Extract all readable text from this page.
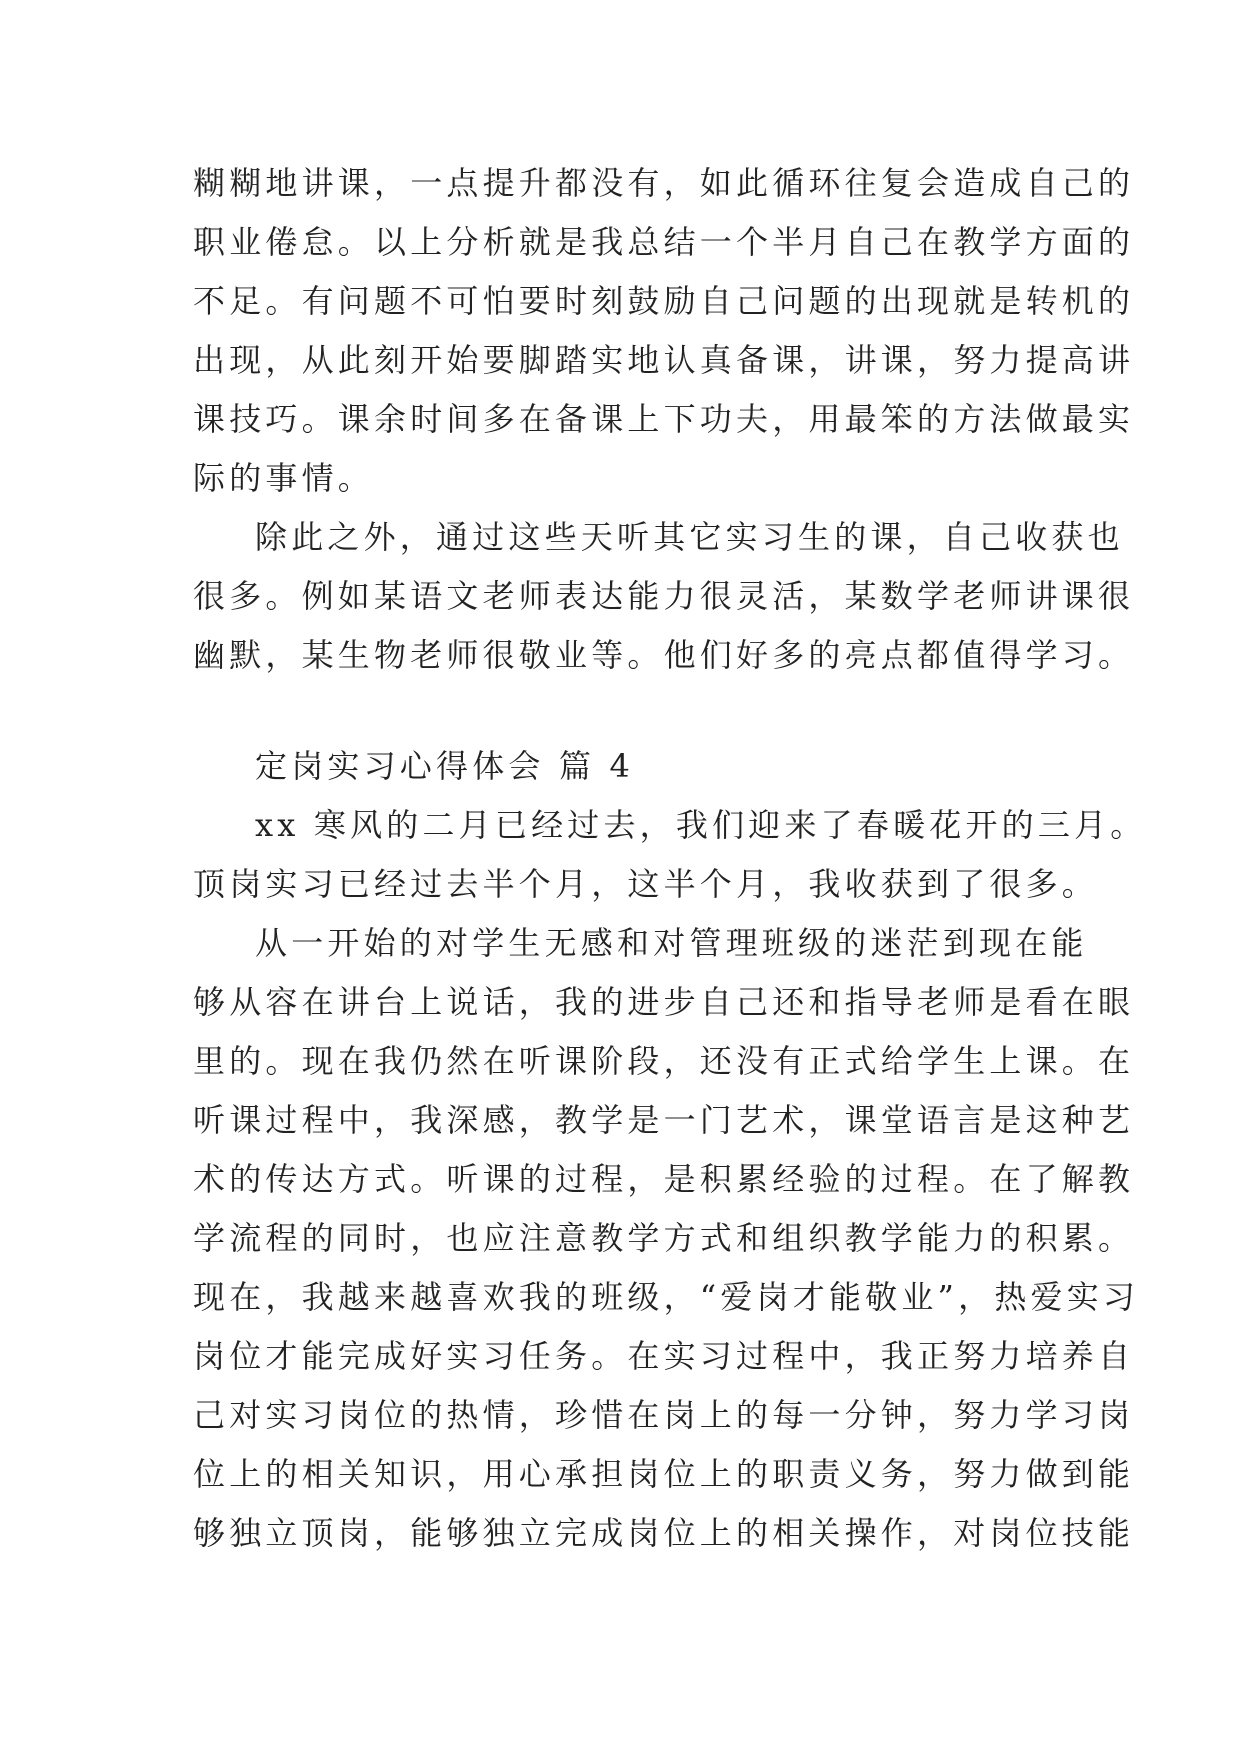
糊糊地讲课，一点提升都没有，如此循环往复会造成自己的
职业倦怠。以上分析就是我总结一个半月自己在教学方面的
不足。有问题不可怕要时刻鼓励自己问题的出现就是转机的
出现，从此刻开始要脚踏实地认真备课，讲课，努力提高讲
课技巧。课余时间多在备课上下功夫，用最笨的方法做最实
际的事情。
除此之外，通过这些天听其它实习生的课，自己收获也
很多。例如某语文老师表达能力很灵活，某数学老师讲课很
幽默，某生物老师很敬业等。他们好多的亮点都值得学习。
定岗实习心得体会 篇 4
xx 寒风的二月已经过去，我们迎来了春暖花开的三月。
顶岗实习已经过去半个月，这半个月，我收获到了很多。
从一开始的对学生无感和对管理班级的迷茫到现在能
够从容在讲台上说话，我的进步自己还和指导老师是看在眼
里的。现在我仍然在听课阶段，还没有正式给学生上课。在
听课过程中，我深感，教学是一门艺术，课堂语言是这种艺
术的传达方式。听课的过程，是积累经验的过程。在了解教
学流程的同时，也应注意教学方式和组织教学能力的积累。
现在，我越来越喜欢我的班级，“爱岗才能敬业”，热爱实习
岗位才能完成好实习任务。在实习过程中，我正努力培养自
己对实习岗位的热情，珍惜在岗上的每一分钟，努力学习岗
位上的相关知识，用心承担岗位上的职责义务，努力做到能
够独立顶岗，能够独立完成岗位上的相关操作，对岗位技能
